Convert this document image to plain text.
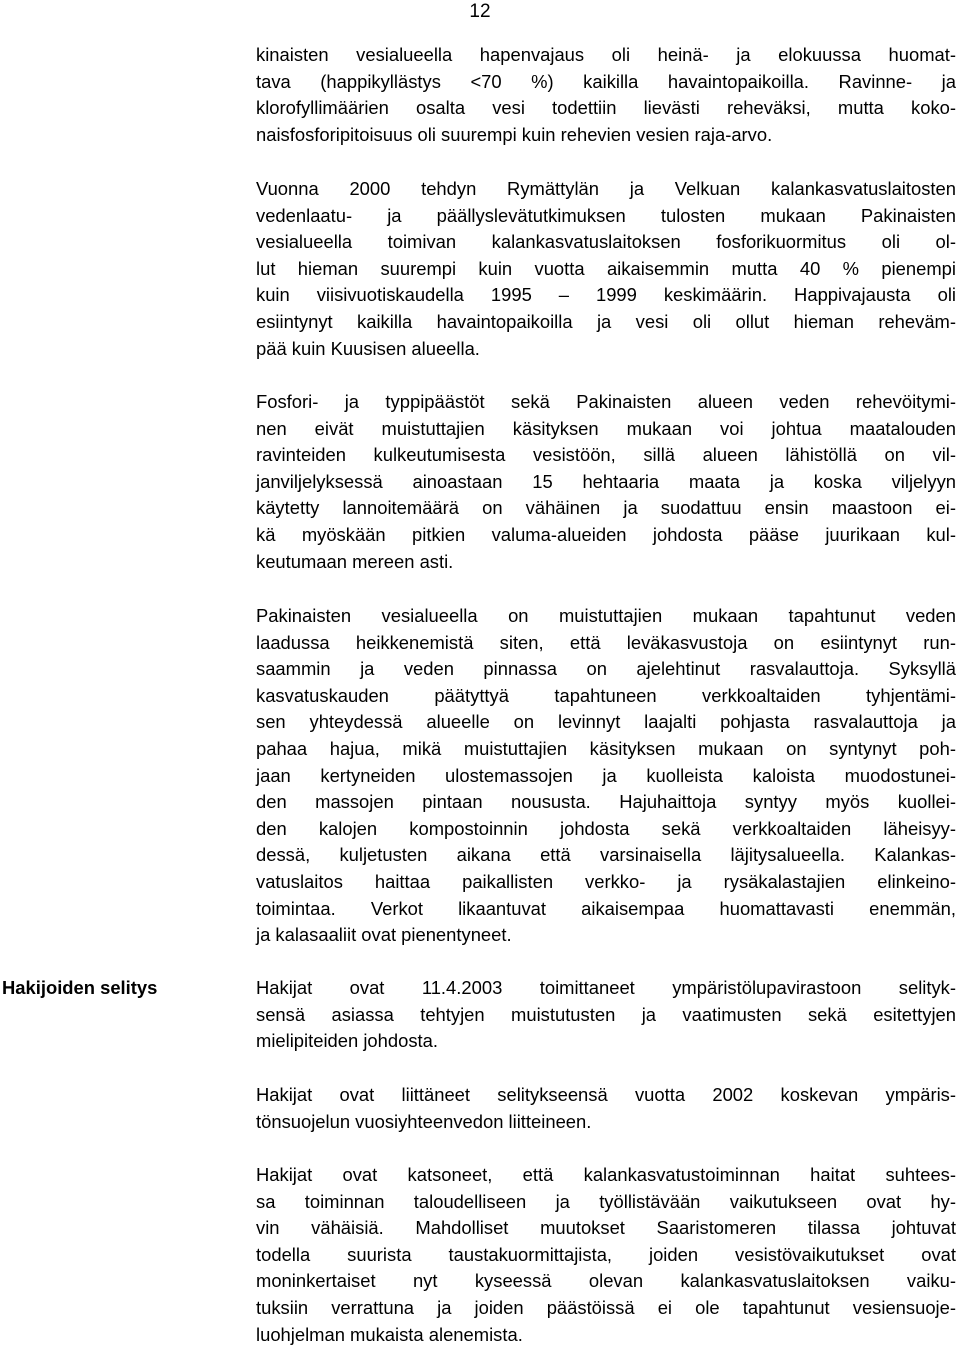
12
Hakijoiden selitys
kinaisten vesialueella hapenvajaus oli heinä- ja elokuussa huomat-
tava (happikyllästys <70 %) kaikilla havaintopaikoilla. Ravinne- ja
klorofyllimäärien osalta vesi todettiin lievästi reheväksi, mutta koko-
naisfosforipitoisuus oli suurempi kuin rehevien vesien raja-arvo.
Vuonna 2000 tehdyn Rymättylän ja Velkuan kalankasvatuslaitosten
vedenlaatu- ja päällyslevätutkimuksen tulosten mukaan Pakinaisten
vesialueella toimivan kalankasvatuslaitoksen fosforikuormitus oli ol-
lut hieman suurempi kuin vuotta aikaisemmin mutta 40 % pienempi
kuin viisivuotiskaudella 1995 – 1999 keskimäärin. Happivajausta oli
esiintynyt kaikilla havaintopaikoilla ja vesi oli ollut hieman reheväm-
pää kuin Kuusisen alueella.
Fosfori- ja typpipäästöt sekä Pakinaisten alueen veden rehevöitymi-
nen eivät muistuttajien käsityksen mukaan voi johtua maatalouden
ravinteiden kulkeutumisesta vesistöön, sillä alueen lähistöllä on vil-
janviljelyksessä ainoastaan 15 hehtaaria maata ja koska viljelyyn
käytetty lannoitemäärä on vähäinen ja suodattuu ensin maastoon ei-
kä myöskään pitkien valuma-alueiden johdosta pääse juurikaan kul-
keutumaan mereen asti.
Pakinaisten vesialueella on muistuttajien mukaan tapahtunut veden
laadussa heikkenemistä siten, että leväkasvustoja on esiintynyt run-
saammin ja veden pinnassa on ajelehtinut rasvalauttoja. Syksyllä
kasvatuskauden päätyttyä tapahtuneen verkkoaltaiden tyhjentämi-
sen yhteydessä alueelle on levinnyt laajalti pohjasta rasvalauttoja ja
pahaa hajua, mikä muistuttajien käsityksen mukaan on syntynyt poh-
jaan kertyneiden ulostemassojen ja kuolleista kaloista muodostunei-
den massojen pintaan noususta. Hajuhaittoja syntyy myös kuollei-
den kalojen kompostoinnin johdosta sekä verkkoaltaiden läheisyy-
dessä, kuljetusten aikana että varsinaisella läjitysalueella. Kalankas-
vatuslaitos haittaa paikallisten verkko- ja rysäkalastajien elinkeino-
toimintaa. Verkot likaantuvat aikaisempaa huomattavasti enemmän,
ja kalasaaliit ovat pienentyneet.
Hakijat ovat 11.4.2003 toimittaneet ympäristölupavirastoon selityk-
sensä asiassa tehtyjen muistutusten ja vaatimusten sekä esitettyjen
mielipiteiden johdosta.
Hakijat ovat liittäneet selitykseensä vuotta 2002 koskevan ympäris-
tönsuojelun vuosiyhteenvedon liitteineen.
Hakijat ovat katsoneet, että kalankasvatustoiminnan haitat suhtees-
sa toiminnan taloudelliseen ja työllistävään vaikutukseen ovat hy-
vin vähäisiä. Mahdolliset muutokset Saaristomeren tilassa johtuvat
todella suurista taustakuormittajista, joiden vesistövaikutukset ovat
moninkertaiset nyt kyseessä olevan kalankasvatuslaitoksen vaiku-
tuksiin verrattuna ja joiden päästöissä ei ole tapahtunut vesiensuoje-
luohjelman mukaista alenemista.
